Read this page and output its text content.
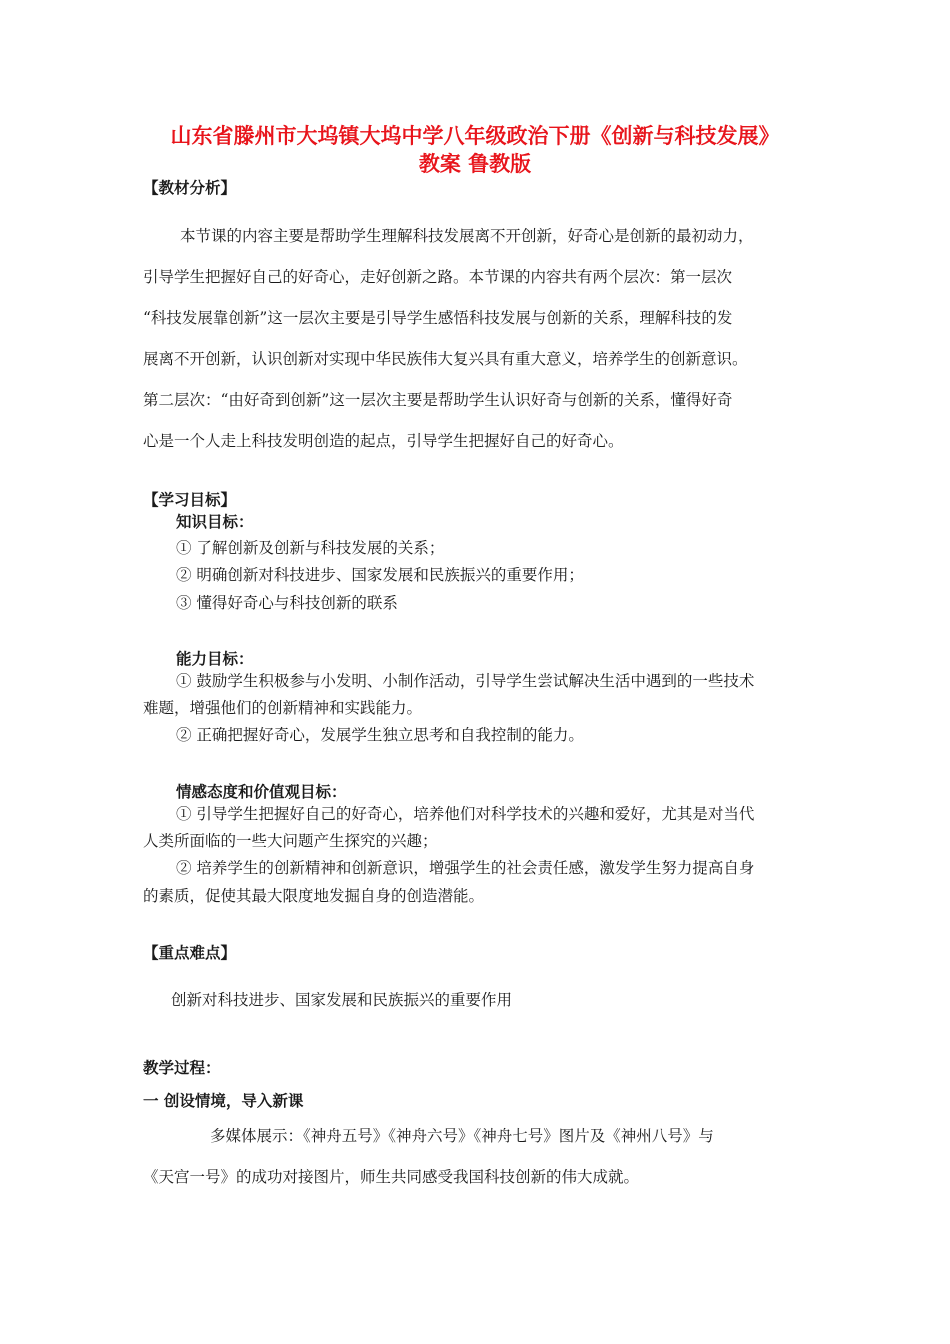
山东省滕州市大坞镇大坞中学八年级政治下册《创新与科技发展》
教案 鲁教版
【教材分析】
本节课的内容主要是帮助学生理解科技发展离不开创新，好奇心是创新的最初动力，
引导学生把握好自己的好奇心，走好创新之路。本节课的内容共有两个层次：第一层次
“科技发展靠创新”这一层次主要是引导学生感悟科技发展与创新的关系，理解科技的发
展离不开创新，认识创新对实现中华民族伟大复兴具有重大意义，培养学生的创新意识。
第二层次：“由好奇到创新”这一层次主要是帮助学生认识好奇与创新的关系，懂得好奇
心是一个人走上科技发明创造的起点，引导学生把握好自己的好奇心。
【学习目标】
知识目标：
① 了解创新及创新与科技发展的关系；
② 明确创新对科技进步、国家发展和民族振兴的重要作用；
③ 懂得好奇心与科技创新的联系
能力目标：
① 鼓励学生积极参与小发明、小制作活动，引导学生尝试解决生活中遇到的一些技术
难题，增强他们的创新精神和实践能力。
② 正确把握好奇心，发展学生独立思考和自我控制的能力。
情感态度和价值观目标：
① 引导学生把握好自己的好奇心，培养他们对科学技术的兴趣和爱好，尤其是对当代
人类所面临的一些大问题产生探究的兴趣；
② 培养学生的创新精神和创新意识，增强学生的社会责任感，激发学生努力提高自身
的素质，促使其最大限度地发掘自身的创造潜能。
【重点难点】
创新对科技进步、国家发展和民族振兴的重要作用
教学过程：
一 创设情境，导入新课
多媒体展示：《神舟五号》《神舟六号》《神舟七号》图片及《神州八号》与
《天宫一号》的成功对接图片，师生共同感受我国科技创新的伟大成就。
